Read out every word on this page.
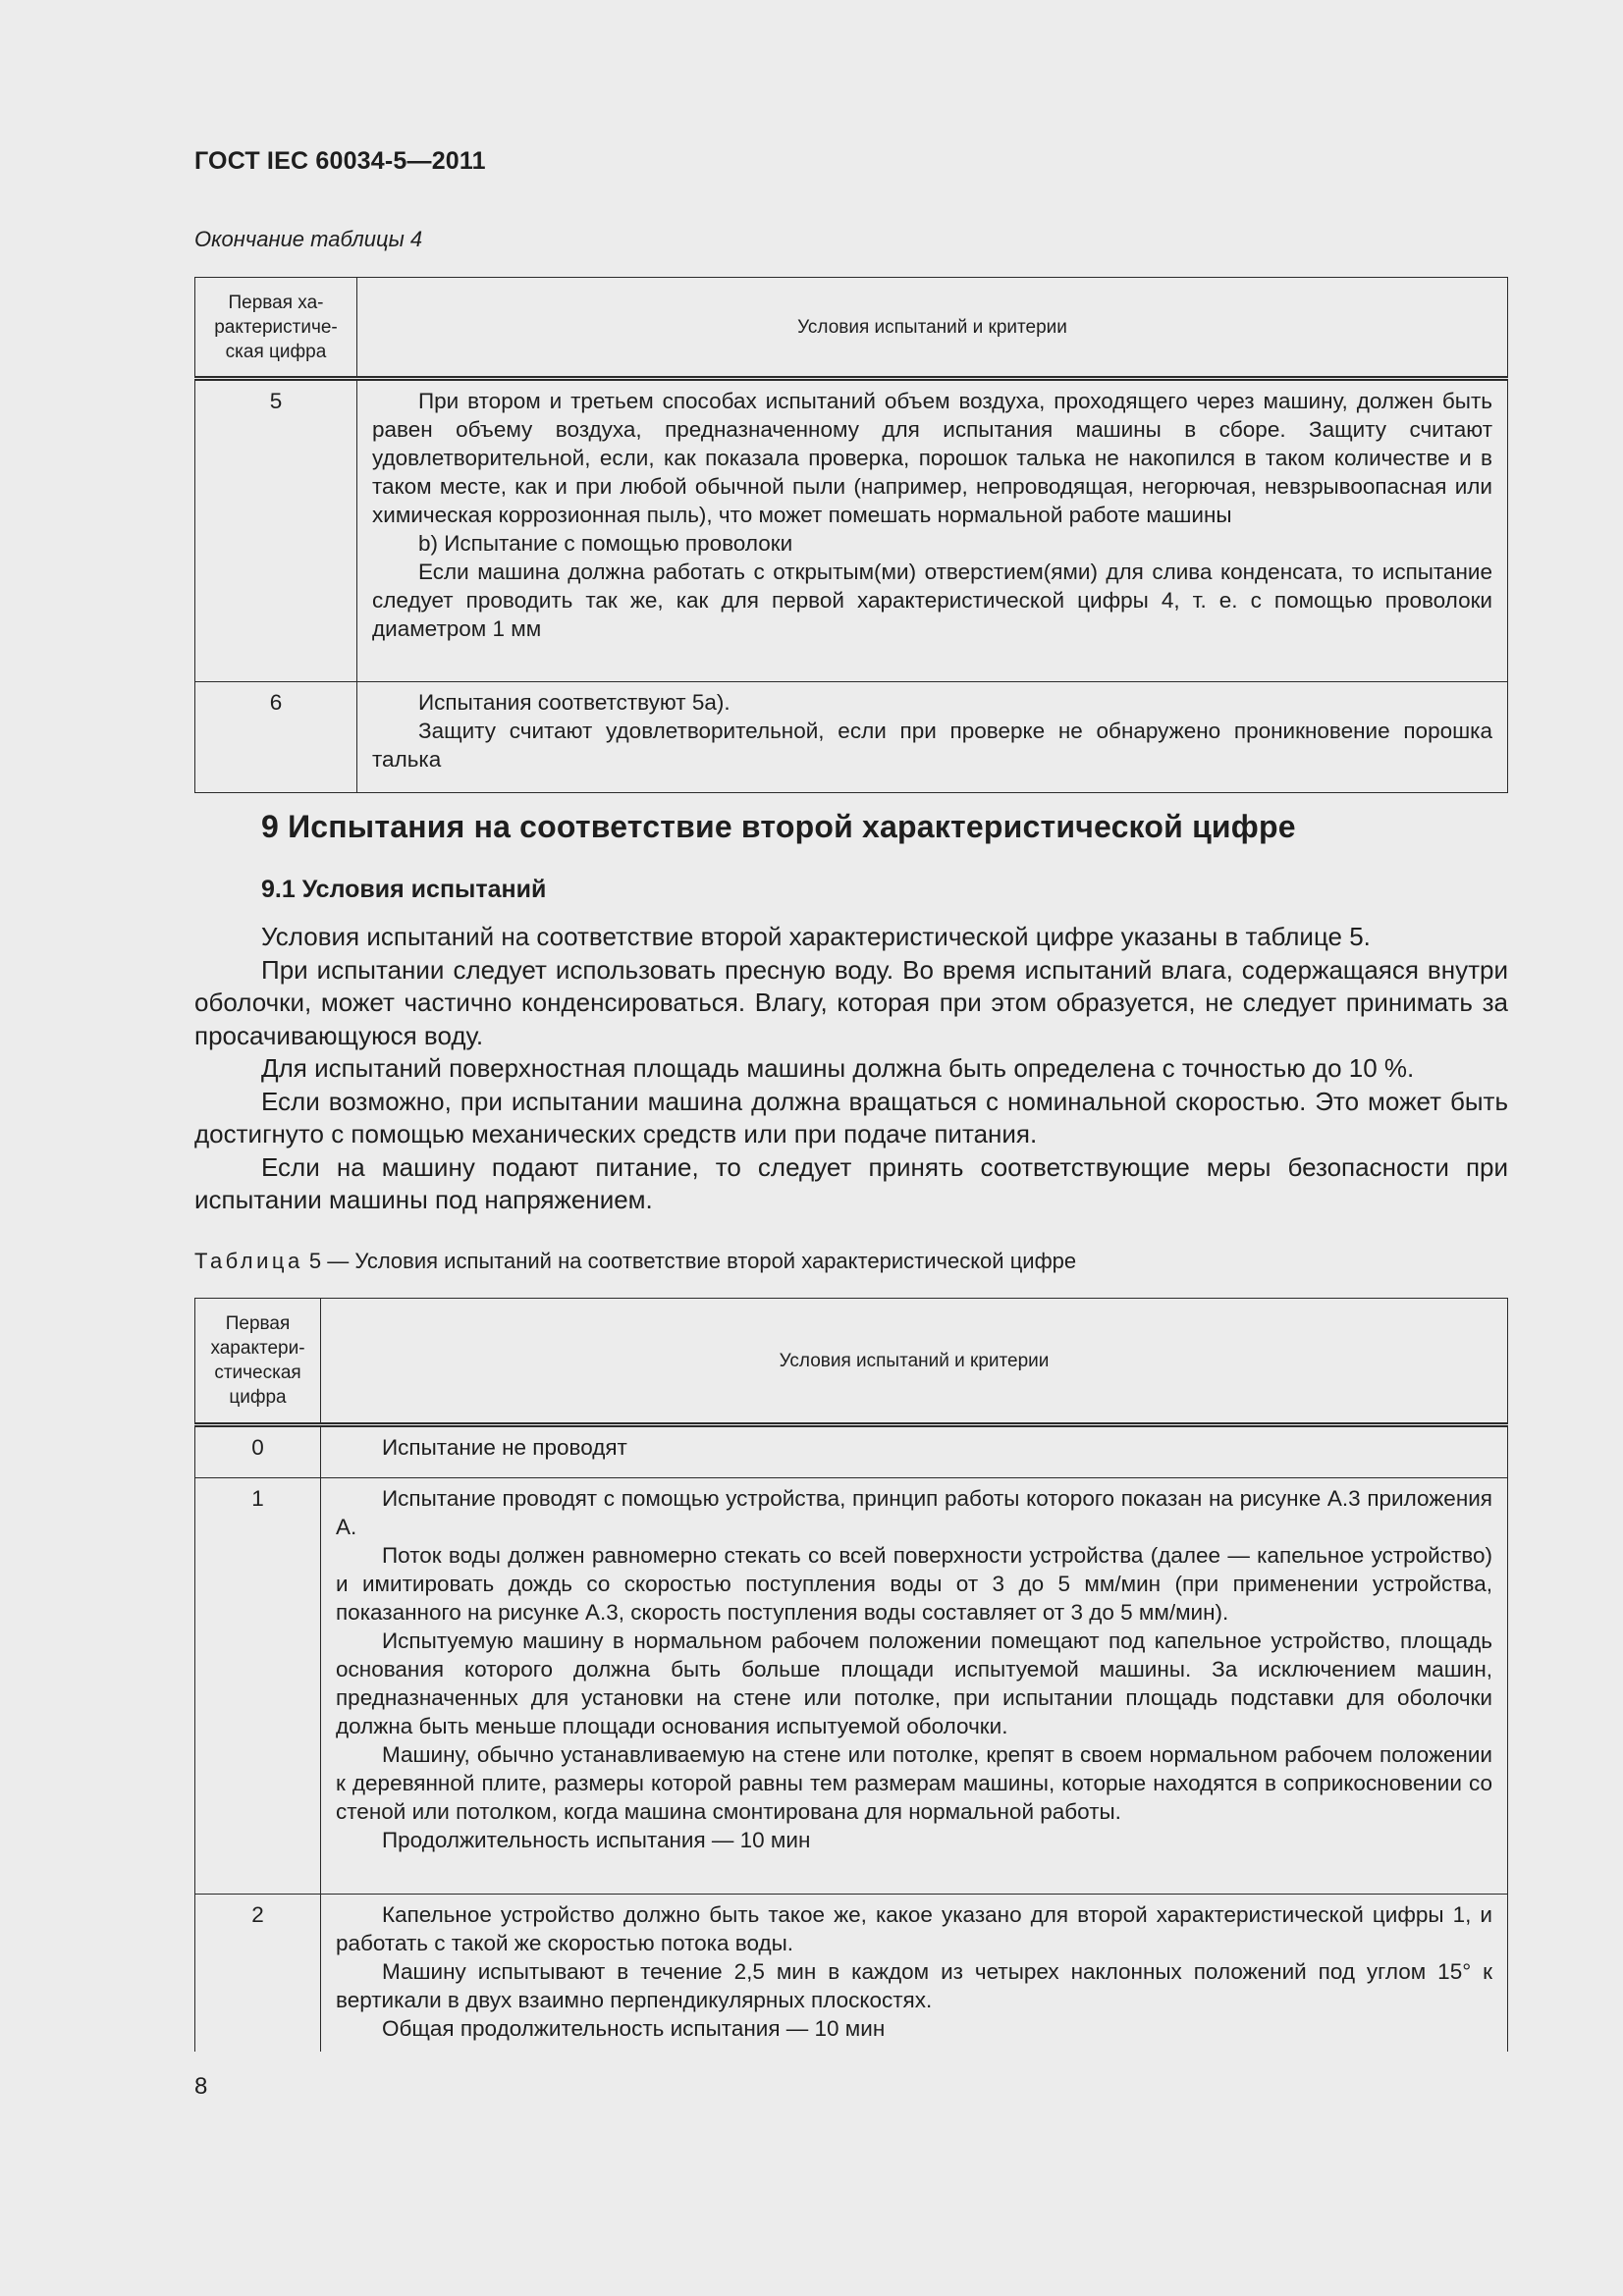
ГОСТ IEC 60034-5—2011
Окончание таблицы 4
Первая ха-
рактеристиче-
ская цифра	Условия испытаний и критерии
5	При втором и третьем способах испытаний объем воздуха, проходящего через машину, должен быть равен объему воздуха, предназначенному для испытания машины в сборе. Защиту считают удовлетворительной, если, как показала проверка, порошок талька не накопился в таком количестве и в таком месте, как и при любой обычной пыли (например, непроводящая, негорючая, невзрывоопасная или химическая коррозионная пыль), что может помешать нормальной работе машины

b) Испытание с помощью проволоки

Если машина должна работать с открытым(ми) отверстием(ями) для слива конденсата, то испытание следует проводить так же, как для первой характеристической цифры 4, т. е. с помощью проволоки диаметром 1 мм

6	Испытания соответствуют 5а).

Защиту считают удовлетворительной, если при проверке не обнаружено проникновение порошка талька

9 Испытания на соответствие второй характеристической цифре
9.1 Условия испытаний

Условия испытаний на соответствие второй характеристической цифре указаны в таблице 5.

При испытании следует использовать пресную воду. Во время испытаний влага, содержащаяся внутри оболочки, может частично конденсироваться. Влагу, которая при этом образуется, не следует принимать за просачивающуюся воду.

Для испытаний поверхностная площадь машины должна быть определена с точностью до 10 %.

Если возможно, при испытании машина должна вращаться с номинальной скоростью. Это может быть достигнуто с помощью механических средств или при подаче питания.

Если на машину подают питание, то следует принять соответствующие меры безопасности при испытании машины под напряжением.

Таблица 5 — Условия испытаний на соответствие второй характеристической цифре
Первая
характери-
стическая
цифра	Условия испытаний и критерии
0	Испытание не проводят

1	Испытание проводят с помощью устройства, принцип работы которого показан на рисунке А.3 приложения А.

Поток воды должен равномерно стекать со всей поверхности устройства (далее — капельное устройство) и имитировать дождь со скоростью поступления воды от 3 до 5 мм/мин (при применении устройства, показанного на рисунке А.3, скорость поступления воды составляет от 3 до 5 мм/мин).

Испытуемую машину в нормальном рабочем положении помещают под капельное устройство, площадь основания которого должна быть больше площади испытуемой машины. За исключением машин, предназначенных для установки на стене или потолке, при испытании площадь подставки для оболочки должна быть меньше площади основания испытуемой оболочки.

Машину, обычно устанавливаемую на стене или потолке, крепят в своем нормальном рабочем положении к деревянной плите, размеры которой равны тем размерам машины, которые находятся в соприкосновении со стеной или потолком, когда машина смонтирована для нормальной работы.

Продолжительность испытания — 10 мин

2	Капельное устройство должно быть такое же, какое указано для второй характеристической цифры 1, и работать с такой же скоростью потока воды.

Машину испытывают в течение 2,5 мин в каждом из четырех наклонных положений под углом 15° к вертикали в двух взаимно перпендикулярных плоскостях.

Общая продолжительность испытания — 10 мин

8
